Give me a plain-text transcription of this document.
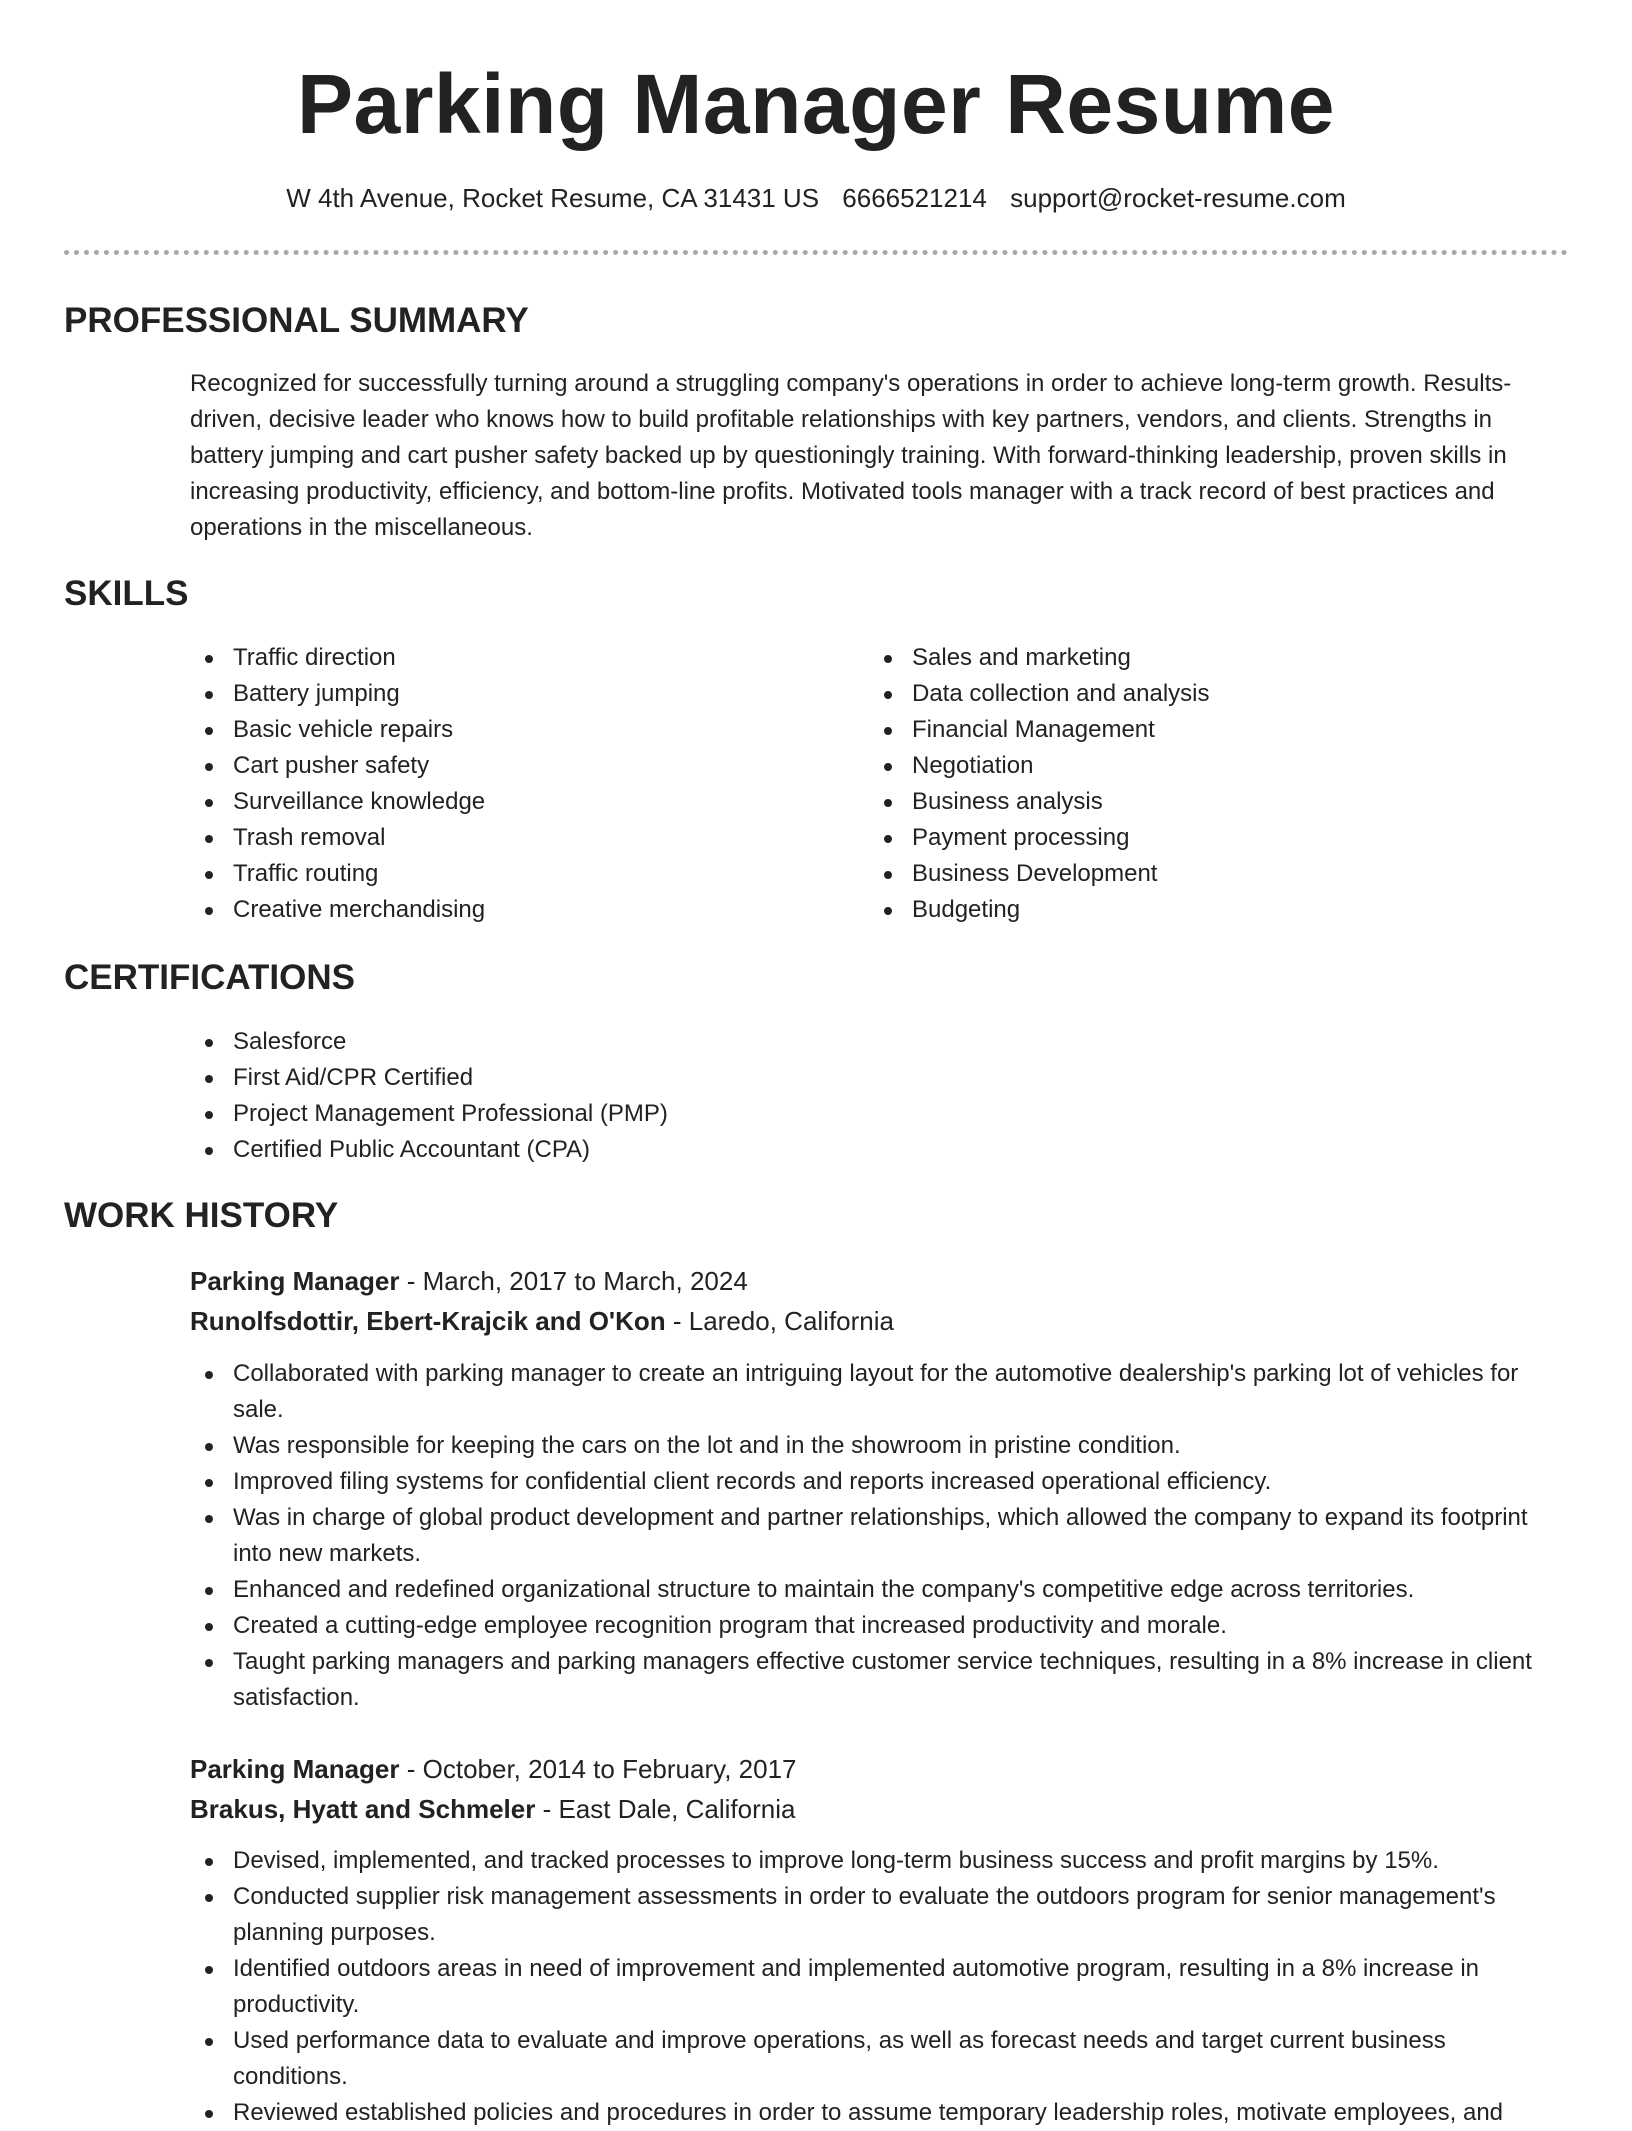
Parking Manager Resume
W 4th Avenue, Rocket Resume, CA 31431 US 6666521214 support@rocket-resume.com
PROFESSIONAL SUMMARY

Recognized for successfully turning around a struggling company's operations in order to achieve long-term growth. Results-driven, decisive leader who knows how to build profitable relationships with key partners, vendors, and clients. Strengths in battery jumping and cart pusher safety backed up by questioningly training. With forward-thinking leadership, proven skills in increasing productivity, efficiency, and bottom-line profits. Motivated tools manager with a track record of best practices and operations in the miscellaneous.

SKILLS
Traffic direction
Battery jumping
Basic vehicle repairs
Cart pusher safety
Surveillance knowledge
Trash removal
Traffic routing
Creative merchandising
Sales and marketing
Data collection and analysis
Financial Management
Negotiation
Business analysis
Payment processing
Business Development
Budgeting
CERTIFICATIONS
Salesforce
First Aid/CPR Certified
Project Management Professional (PMP)
Certified Public Accountant (CPA)
WORK HISTORY
Parking Manager - March, 2017 to March, 2024
Runolfsdottir, Ebert-Krajcik and O'Kon - Laredo, California
Collaborated with parking manager to create an intriguing layout for the automotive dealership's parking lot of vehicles for sale.
Was responsible for keeping the cars on the lot and in the showroom in pristine condition.
Improved filing systems for confidential client records and reports increased operational efficiency.
Was in charge of global product development and partner relationships, which allowed the company to expand its footprint into new markets.
Enhanced and redefined organizational structure to maintain the company's competitive edge across territories.
Created a cutting-edge employee recognition program that increased productivity and morale.
Taught parking managers and parking managers effective customer service techniques, resulting in a 8% increase in client satisfaction.
Parking Manager - October, 2014 to February, 2017
Brakus, Hyatt and Schmeler - East Dale, California
Devised, implemented, and tracked processes to improve long-term business success and profit margins by 15%.
Conducted supplier risk management assessments in order to evaluate the outdoors program for senior management's planning purposes.
Identified outdoors areas in need of improvement and implemented automotive program, resulting in a 8% increase in productivity.
Used performance data to evaluate and improve operations, as well as forecast needs and target current business conditions.
Reviewed established policies and procedures in order to assume temporary leadership roles, motivate employees, and
